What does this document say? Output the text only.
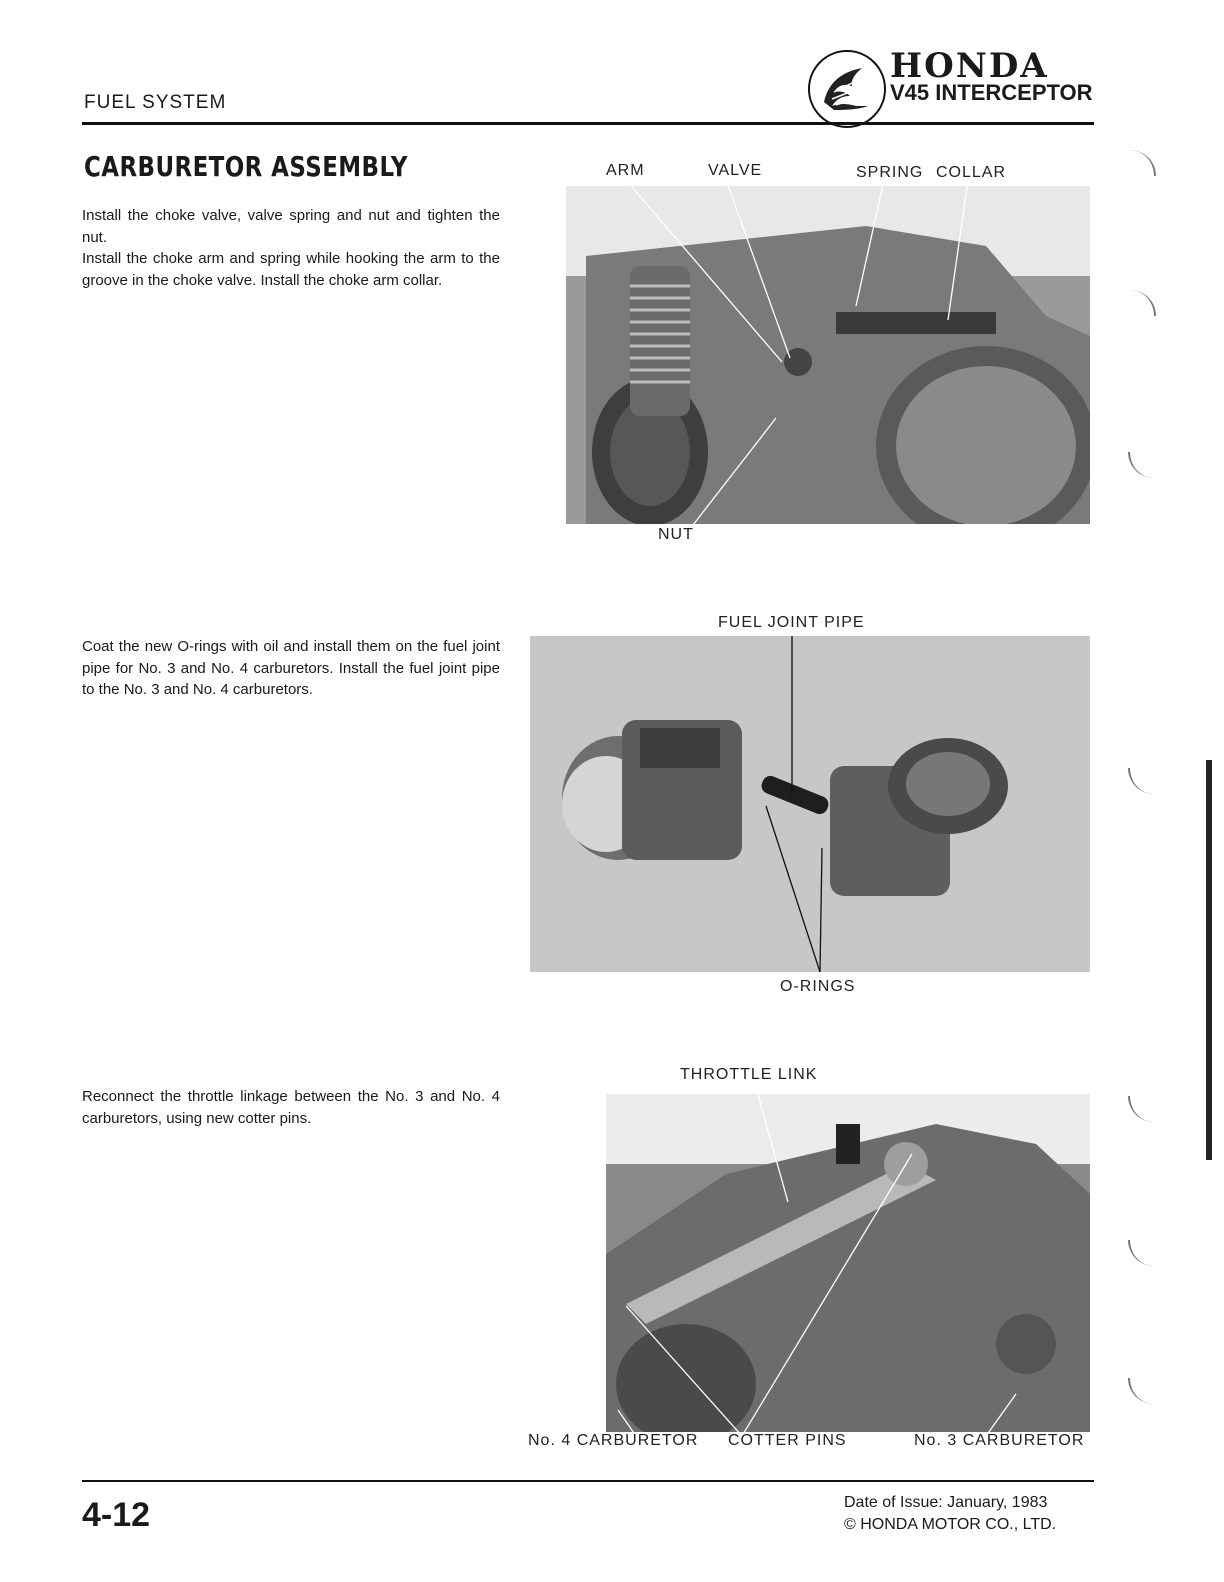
FUEL SYSTEM
HONDA
V45 INTERCEPTOR
CARBURETOR ASSEMBLY
Install the choke valve, valve spring and nut and tighten the nut.
Install the choke arm and spring while hooking the arm to the groove in the choke valve. Install the choke arm collar.
ARM	VALVE	SPRING COLLAR
NUT
Coat the new O-rings with oil and install them on the fuel joint pipe for No. 3 and No. 4 carburetors. Install the fuel joint pipe to the No. 3 and No. 4 carburetors.
FUEL JOINT PIPE
O-RINGS
Reconnect the throttle linkage between the No. 3 and No. 4 carburetors, using new cotter pins.
THROTTLE LINK
No. 4 CARBURETOR COTTER PINS	No. 3 CARBURETOR
4-12	Date of Issue: January, 1983
© HONDA MOTOR CO., LTD.
